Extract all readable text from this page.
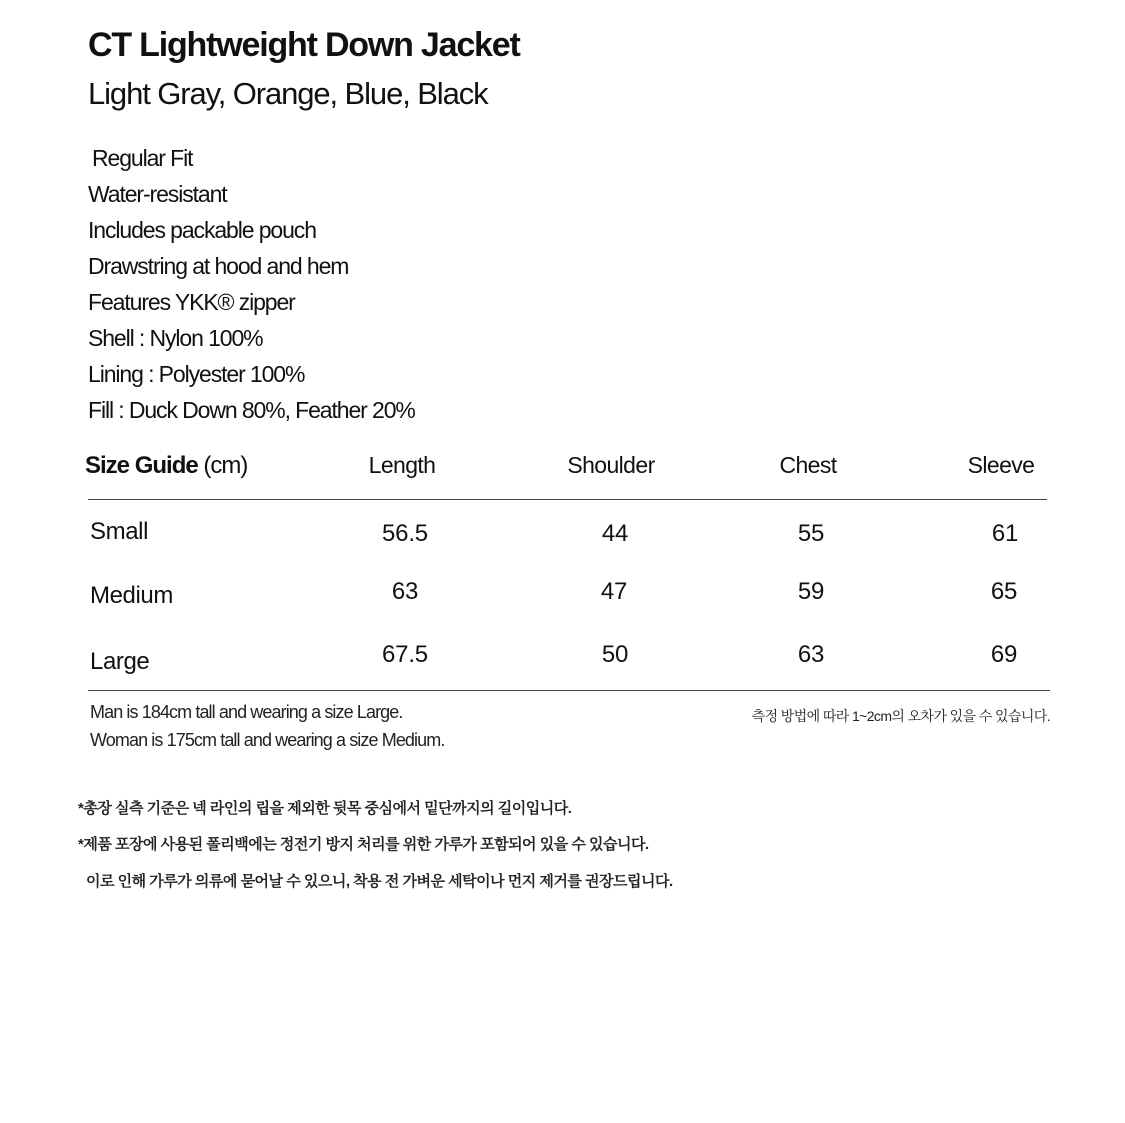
CT Lightweight Down Jacket
Light Gray, Orange, Blue, Black
Regular Fit
Water-resistant
Includes packable pouch
Drawstring at hood and hem
Features YKK® zipper
Shell : Nylon 100%
Lining : Polyester 100%
Fill : Duck Down 80%, Feather 20%
Size Guide (cm)	Length	Shoulder	Chest	Sleeve
Small	56.5	44	55	61
Medium	63	47	59	65
Large	67.5	50	63	69
Man is 184cm tall and wearing a size Large.
Woman is 175cm tall and wearing a size Medium.
측정 방법에 따라 1~2cm의 오차가 있을 수 있습니다.
*총장 실측 기준은 넥 라인의 립을 제외한 뒷목 중심에서 밑단까지의 길이입니다.
*제품 포장에 사용된 폴리백에는 정전기 방지 처리를 위한 가루가 포함되어 있을 수 있습니다.
이로 인해 가루가 의류에 묻어날 수 있으니, 착용 전 가벼운 세탁이나 먼지 제거를 권장드립니다.
